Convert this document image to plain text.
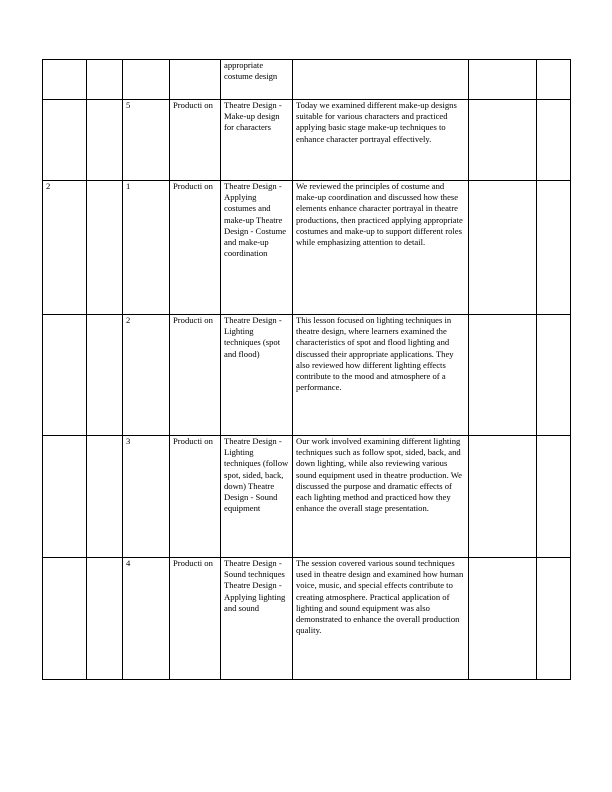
				appropriate costume design			

		5	Producti on	Theatre Design - Make-up design for characters	Today we examined different make-up designs suitable for various characters and practiced applying basic stage make-up techniques to enhance character portrayal effectively.		

2		1	Producti on	Theatre Design - Applying costumes and make-up Theatre Design - Costume and make-up coordination	We reviewed the principles of costume and make-up coordination and discussed how these elements enhance character portrayal in theatre productions, then practiced applying appropriate costumes and make-up to support different roles while emphasizing attention to detail.		

		2	Producti on	Theatre Design - Lighting techniques (spot and flood)	This lesson focused on lighting techniques in theatre design, where learners examined the characteristics of spot and flood lighting and discussed their appropriate applications. They also reviewed how different lighting effects contribute to the mood and atmosphere of a performance.		

		3	Producti on	Theatre Design - Lighting techniques (follow spot, sided, back, down) Theatre Design - Sound equipment	Our work involved examining different lighting techniques such as follow spot, sided, back, and down lighting, while also reviewing various sound equipment used in theatre production. We discussed the purpose and dramatic effects of each lighting method and practiced how they enhance the overall stage presentation.		

		4	Producti on	Theatre Design - Sound techniques Theatre Design - Applying lighting and sound	The session covered various sound techniques used in theatre design and examined how human voice, music, and special effects contribute to creating atmosphere. Practical application of lighting and sound equipment was also demonstrated to enhance the overall production quality.		
